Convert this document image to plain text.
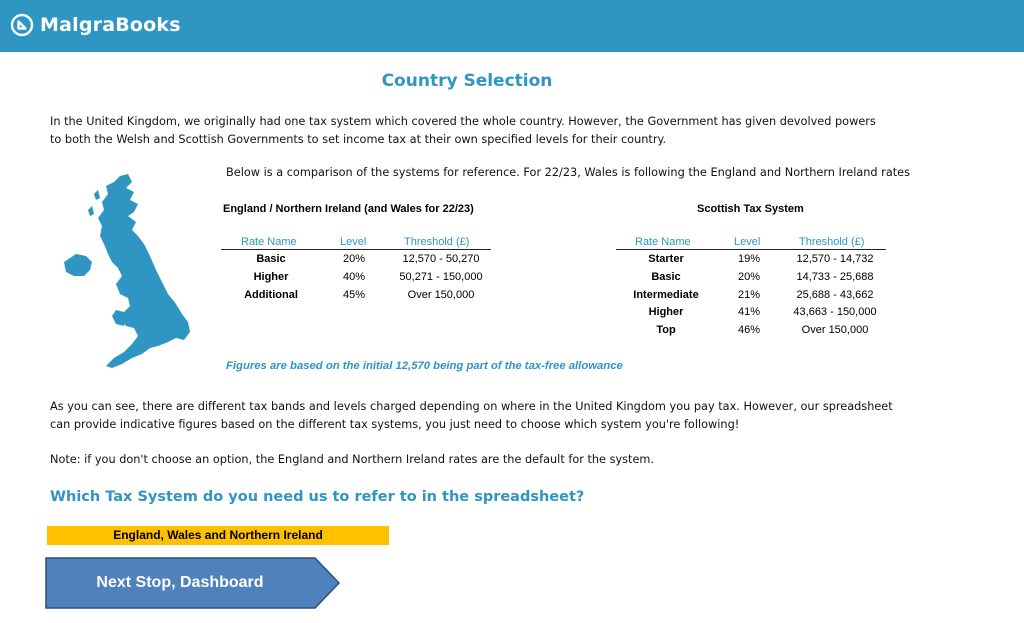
MalgraBooks
Country Selection
In the United Kingdom, we originally had one tax system which covered the whole country. However, the Government has given devolved powers to both the Welsh and Scottish Governments to set income tax at their own specified levels for their country.
Below is a comparison of the systems for reference. For 22/23, Wales is following the England and Northern Ireland rates
England / Northern Ireland (and Wales for 22/23)
Rate Name	Level	Threshold (£)
Basic	20%	12,570 - 50,270
Higher	40%	50,271 - 150,000
Additional	45%	Over 150,000
Scottish Tax System
Rate Name	Level	Threshold (£)
Starter	19%	12,570 - 14,732
Basic	20%	14,733 - 25,688
Intermediate	21%	25,688 - 43,662
Higher	41%	43,663 - 150,000
Top	46%	Over 150,000
Figures are based on the initial 12,570 being part of the tax-free allowance
As you can see, there are different tax bands and levels charged depending on where in the United Kingdom you pay tax. However, our spreadsheet can provide indicative figures based on the different tax systems, you just need to choose which system you're following!
Note: if you don't choose an option, the England and Northern Ireland rates are the default for the system.
Which Tax System do you need us to refer to in the spreadsheet?
England, Wales and Northern Ireland
Next Stop, Dashboard
